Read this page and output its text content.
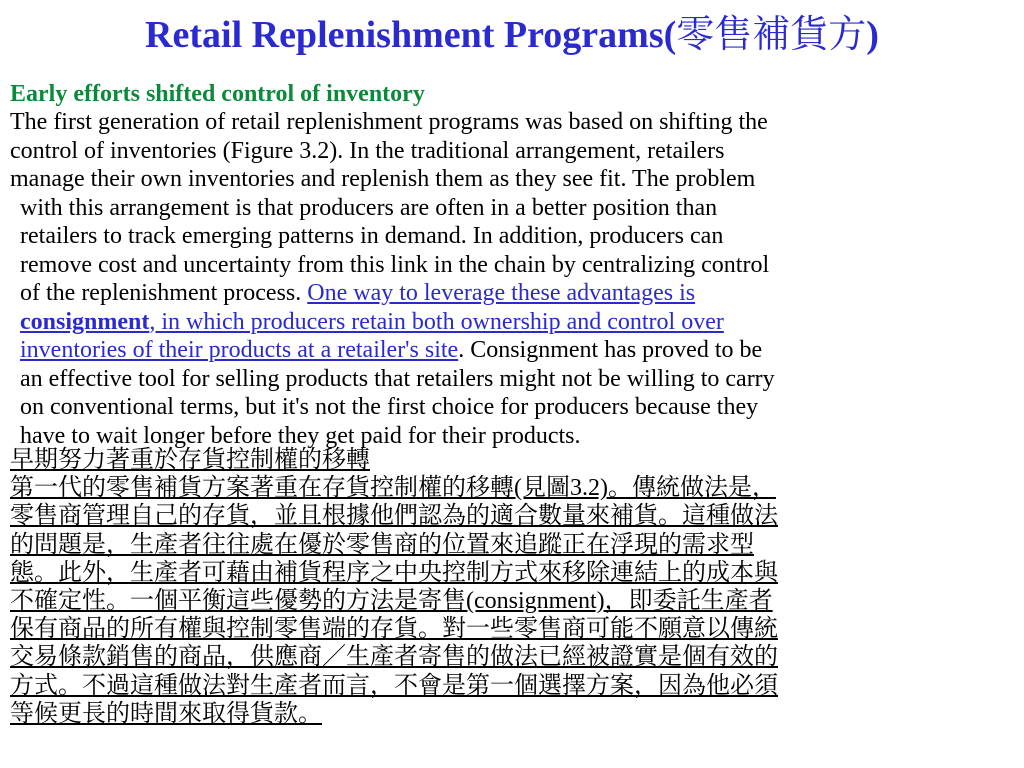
Retail Replenishment Programs(零售補貨方)
Early efforts shifted control of inventory
The first generation of retail replenishment programs was based on shifting the
control of inventories (Figure 3.2). In the traditional arrangement, retailers
manage their own inventories and replenish them as they see fit. The problem
with this arrangement is that producers are often in a better position than
retailers to track emerging patterns in demand. In addition, producers can
remove cost and uncertainty from this link in the chain by centralizing control
of the replenishment process. One way to leverage these advantages is
consignment, in which producers retain both ownership and control over
inventories of their products at a retailer's site. Consignment has proved to be
an effective tool for selling products that retailers might not be willing to carry
on conventional terms, but it's not the first choice for producers because they
have to wait longer before they get paid for their products.
早期努力著重於存貨控制權的移轉
第一代的零售補貨方案著重在存貨控制權的移轉(見圖3.2)。傳統做法是，
零售商管理自己的存貨，並且根據他們認為的適合數量來補貨。這種做法
的問題是，生產者往往處在優於零售商的位置來追蹤正在浮現的需求型
態。此外，生產者可藉由補貨程序之中央控制方式來移除連結上的成本與
不確定性。一個平衡這些優勢的方法是寄售(consignment)，即委託生產者
保有商品的所有權與控制零售端的存貨。對一些零售商可能不願意以傳統
交易條款銷售的商品，供應商／生產者寄售的做法已經被證實是個有效的
方式。不過這種做法對生產者而言，不會是第一個選擇方案，因為他必須
等候更長的時間來取得貨款。
